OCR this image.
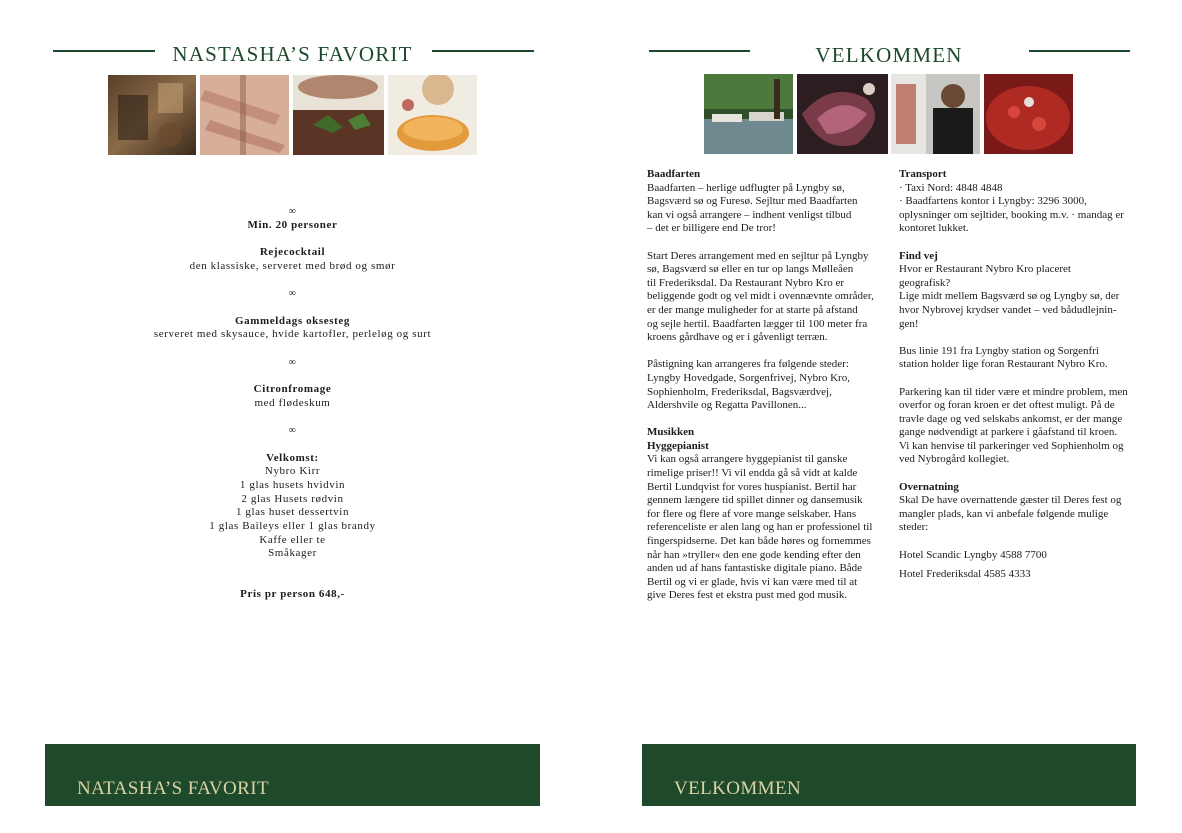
NASTASHA’S FAVORIT
∞
Min. 20 personer
Rejecocktail
den klassiske, serveret med brød og smør
∞
Gammeldags oksesteg
serveret med skysauce, hvide kartofler, perleløg og surt
∞
Citronfromage
med flødeskum
∞
Velkomst:
Nybro Kirr
1 glas husets hvidvin
2 glas Husets rødvin
1 glas huset dessertvin
1 glas Baileys eller 1 glas brandy
Kaffe eller te
Småkager
Pris pr person 648,-
NATASHA’S FAVORIT
VELKOMMEN

Baadfarten

Baadfarten – herlige udflugter på Lyngby sø,
Bagsværd sø og Furesø. Sejltur med Baadfarten
kan vi også arrangere – indhent venligst tilbud
– det er billigere end De tror!

Start Deres arrangement med en sejltur på Lyngby
sø, Bagsværd sø eller en tur op langs Mølleåen
til Frederiksdal. Da Restaurant Nybro Kro er
beliggende godt og vel midt i ovennævnte områder,
er der mange muligheder for at starte på afstand
og sejle hertil. Baadfarten lægger til 100 meter fra
kroens gårdhave og er i gåvenligt terræn.

Påstigning kan arrangeres fra følgende steder:
Lyngby Hovedgade, Sorgenfrivej, Nybro Kro,
Sophienholm, Frederiksdal, Bagsværdvej,
Aldershvile og Regatta Pavillonen...

Musikken

Hyggepianist

Vi kan også arrangere hyggepianist til ganske
rimelige priser!! Vi vil endda gå så vidt at kalde
Bertil Lundqvist for vores huspianist. Bertil har
gennem længere tid spillet dinner og dansemusik
for flere og flere af vore mange selskaber. Hans
referenceliste er alen lang og han er professionel til
fingerspidserne. Det kan både høres og fornemmes
når han »tryller« den ene gode kending efter den
anden ud af hans fantastiske digitale piano. Både
Bertil og vi er glade, hvis vi kan være med til at
give Deres fest et ekstra pust med god musik.

Transport

· Taxi Nord: 4848 4848
· Baadfartens kontor i Lyngby: 3296 3000,
oplysninger om sejltider, booking m.v. · mandag er
kontoret lukket.

Find vej

Hvor er Restaurant Nybro Kro placeret
geografisk?
Lige midt mellem Bagsværd sø og Lyngby sø, der
hvor Nybrovej krydser vandet – ved bådudlejnin-
gen!

Bus linie 191 fra Lyngby station og Sorgenfri
station holder lige foran Restaurant Nybro Kro.

Parkering kan til tider være et mindre problem, men
overfor og foran kroen er det oftest muligt. På de
travle dage og ved selskabs ankomst, er der mange
gange nødvendigt at parkere i gåafstand til kroen.
Vi kan henvise til parkeringer ved Sophienholm og
ved Nybrogård kollegiet.

Overnatning

Skal De have overnattende gæster til Deres fest og
mangler plads, kan vi anbefale følgende mulige
steder:

Hotel Scandic Lyngby 4588 7700

Hotel Frederiksdal 4585 4333

VELKOMMEN
